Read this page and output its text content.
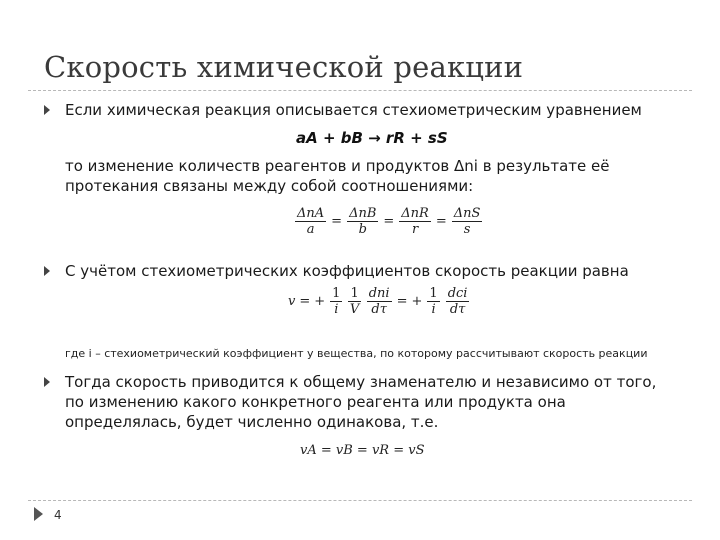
Скорость химической реакции
Если химическая реакция описывается стехиометрическим уравнением
aA + bB → rR + sS
то изменение количеств реагентов и продуктов Δni в результате её протекания связаны между собой соотношениями:
$\frac{\text{ΔnA}}{a} = \frac{\text{ΔnB}}{b} = \frac{\text{ΔnR}}{r} = \frac{\text{ΔnS}}{s}$
С учётом стехиометрических коэффициентов скорость реакции равна
v = + $\frac{1}{i} \frac{1}{V} \frac{\text{dni}}{d\tau}$ = + $\frac{1}{i} \frac{\text{dci}}{d\tau}$
где i – стехиометрический коэффициент у вещества, по которому рассчитывают скорость реакции
Тогда скорость приводится к общему знаменателю и независимо от того, по изменению какого конкретного реагента или продукта она определялась, будет численно одинакова, т.е.
vA = vB = vR = vS
4
